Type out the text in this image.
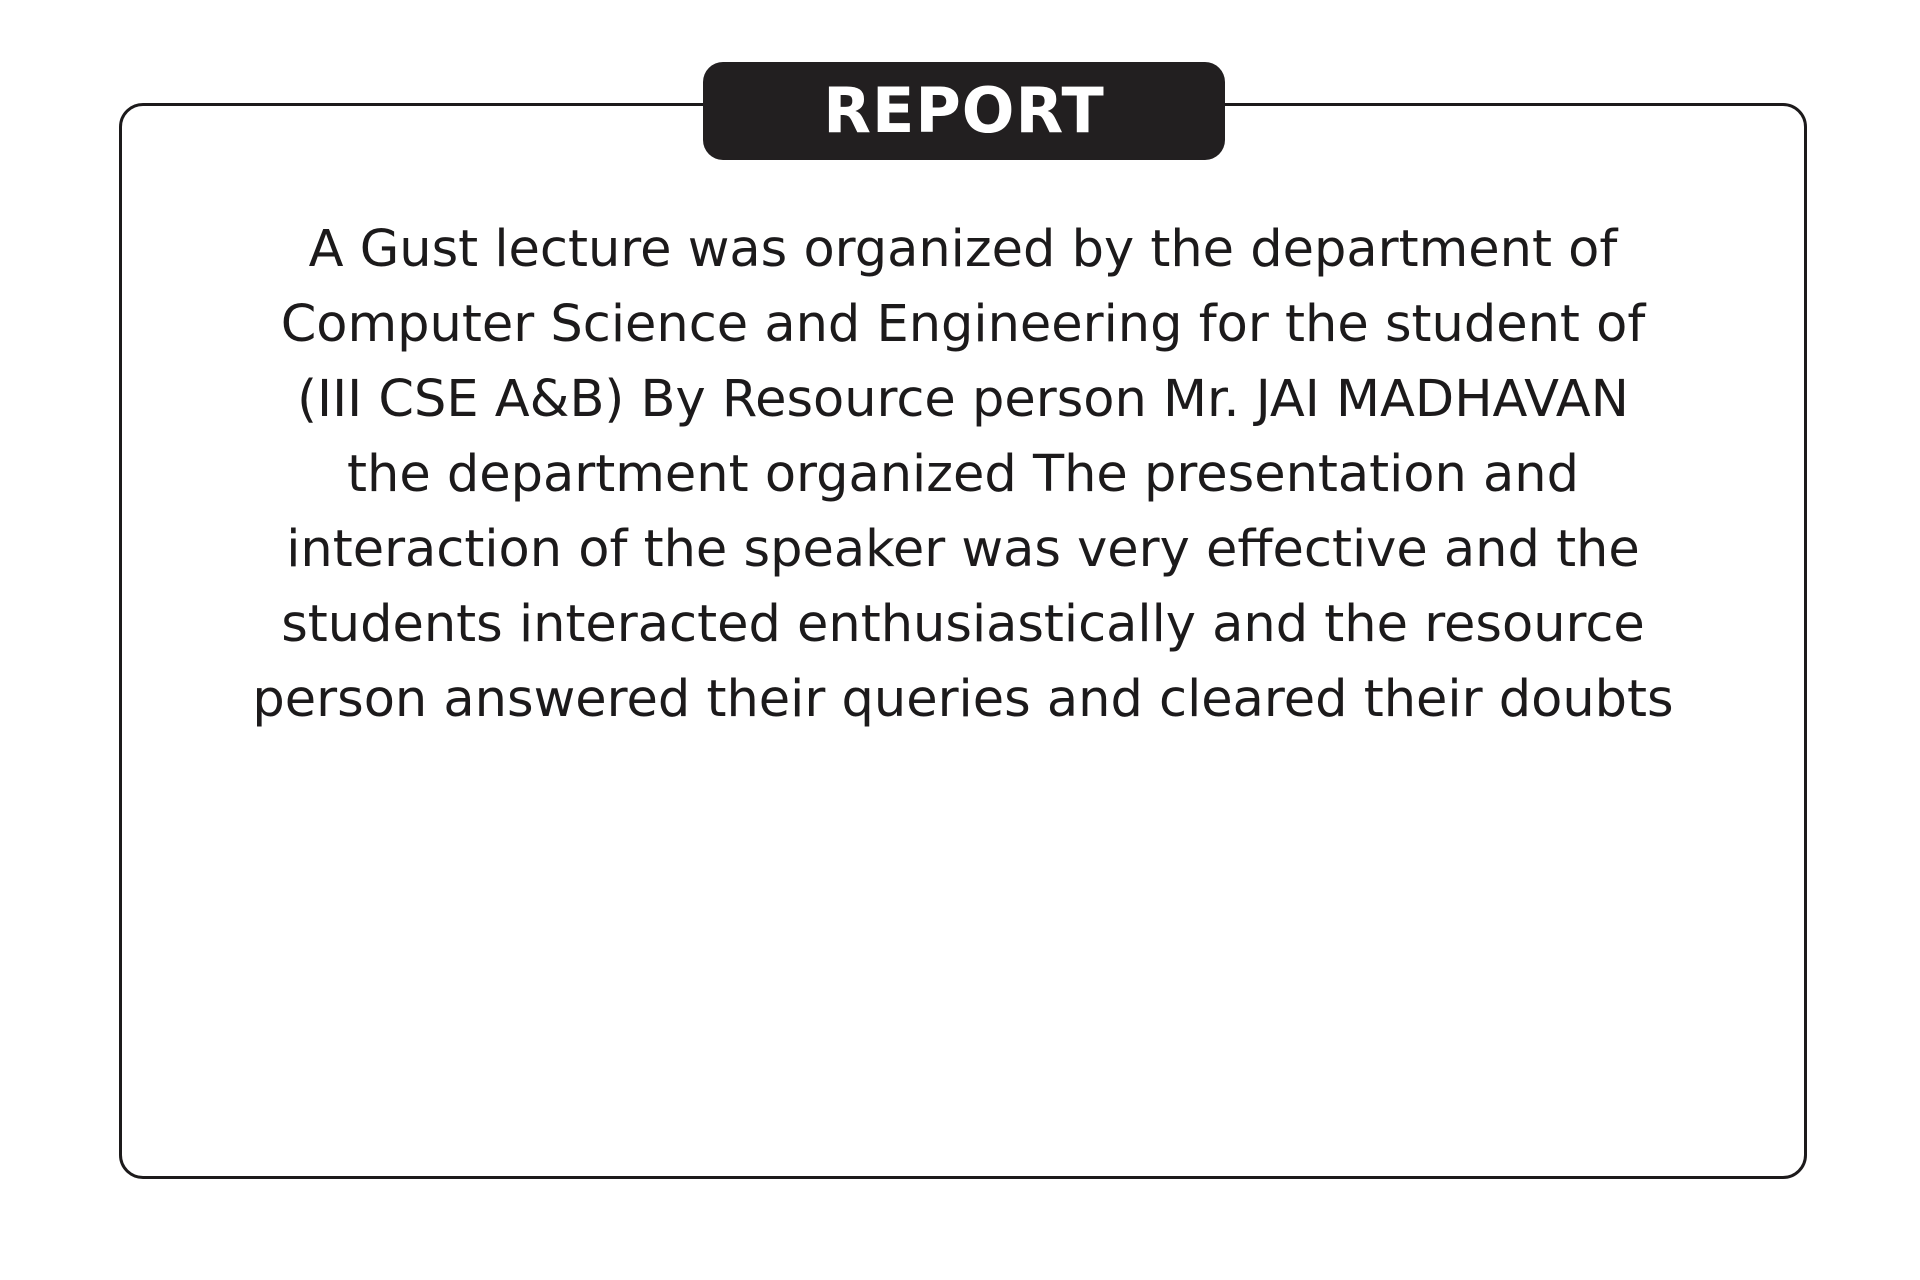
REPORT

A Gust lecture was organized by the department of
Computer Science and Engineering for the student of
(III CSE A&B) By Resource person Mr. JAI MADHAVAN
the department organized The presentation and
interaction of the speaker was very effective and the
students interacted enthusiastically and the resource
person answered their queries and cleared their doubts
